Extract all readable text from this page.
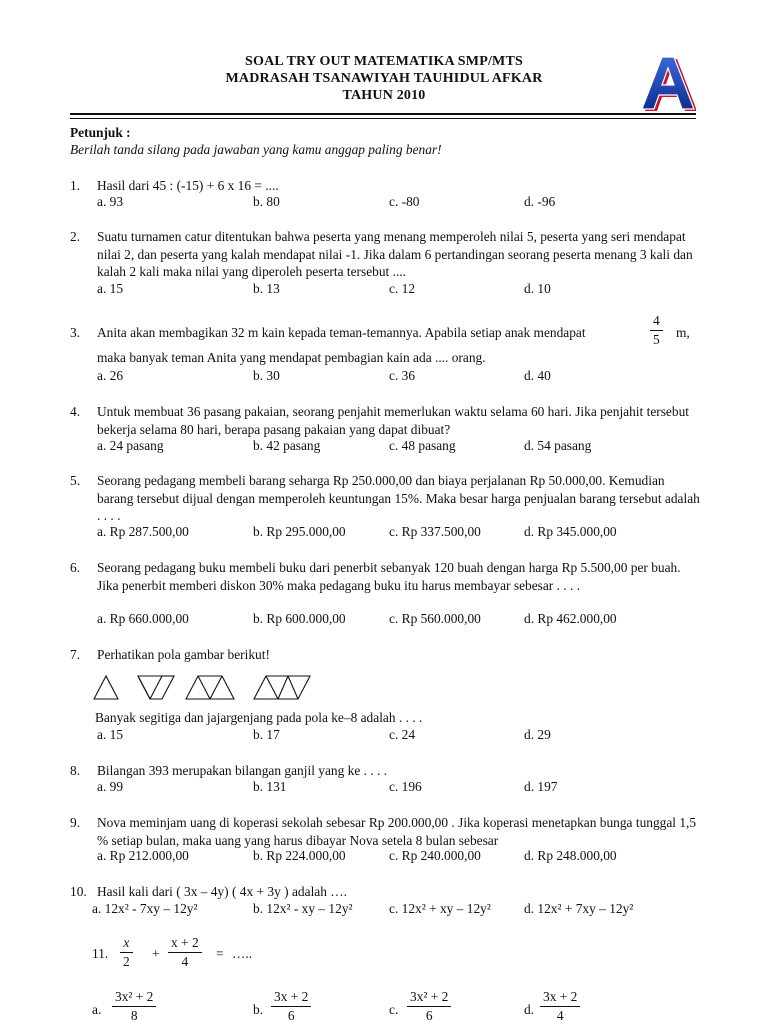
SOAL TRY OUT MATEMATIKA SMP/MTS
MADRASAH TSANAWIYAH TAUHIDUL AFKAR
TAHUN 2010
Petunjuk :
Berilah tanda silang pada jawaban yang kamu anggap paling benar!
1. Hasil dari 45 : (-15) + 6 x 16 = ....
a. 93	b. 80	c. -80	d. -96
2. Suatu turnamen catur ditentukan bahwa peserta yang menang memperoleh nilai 5, peserta yang seri mendapat nilai 2, dan peserta yang kalah mendapat nilai -1. Jika dalam 6 pertandingan seorang peserta menang 3 kali dan kalah 2 kali maka nilai yang diperoleh peserta tersebut ....
a. 15	b. 13	c. 12	d. 10
3. Anita akan membagikan 32 m kain kepada teman-temannya. Apabila setiap anak mendapat	$\frac{4}{5} m$,
maka banyak teman Anita yang mendapat pembagian kain ada .... orang.
a. 26	b. 30	c. 36	d. 40
4. Untuk membuat 36 pasang pakaian, seorang penjahit memerlukan waktu selama 60 hari. Jika penjahit tersebut bekerja selama 80 hari, berapa pasang pakaian yang dapat dibuat?
a. 24 pasang	b. 42 pasang	c. 48 pasang	d. 54 pasang
5. Seorang pedagang membeli barang seharga Rp 250.000,00 dan biaya perjalanan Rp 50.000,00. Kemudian barang tersebut dijual dengan memperoleh keuntungan 15%. Maka besar harga penjualan barang tersebut adalah . . . .
a. Rp 287.500,00	b. Rp 295.000,00	c. Rp 337.500,00	d. Rp 345.000,00
6. Seorang pedagang buku membeli buku dari penerbit sebanyak 120 buah dengan harga Rp 5.500,00 per buah. Jika penerbit memberi diskon 30% maka pedagang buku itu harus membayar sebesar . . . .
a. Rp 660.000,00	b. Rp 600.000,00	c. Rp 560.000,00	d. Rp 462.000,00
7. Perhatikan pola gambar berikut!
Banyak segitiga dan jajargenjang pada pola ke–8 adalah . . . .
a. 15	b. 17	c. 24	d. 29
8. Bilangan 393 merupakan bilangan ganjil yang ke . . . .
a. 99	b. 131	c. 196	d. 197
9. Nova meminjam uang di koperasi sekolah sebesar Rp 200.000,00 . Jika koperasi menetapkan bunga tunggal 1,5 % setiap bulan, maka uang yang harus dibayar Nova setela 8 bulan sebesar
a. Rp 212.000,00	b. Rp 224.000,00	c. Rp 240.000,00	d. Rp 248.000,00
10. Hasil kali dari ( 3x – 4y) ( 4x + 3y ) adalah ….
a. 12x² - 7xy – 12y²	b. 12x² - xy – 12y²	c. 12x² + xy – 12y² d. 12x² + 7xy – 12y²
11. $\frac{x}{2} + \frac{x + 2}{4}$ = …..
a. $\frac{\text{3x² + 2}}{8}$	b. $\frac{3x + 2}{6}$	c. $\frac{\text{3x² + 2}}{6}$	d. $\frac{3x + 2}{4}$
